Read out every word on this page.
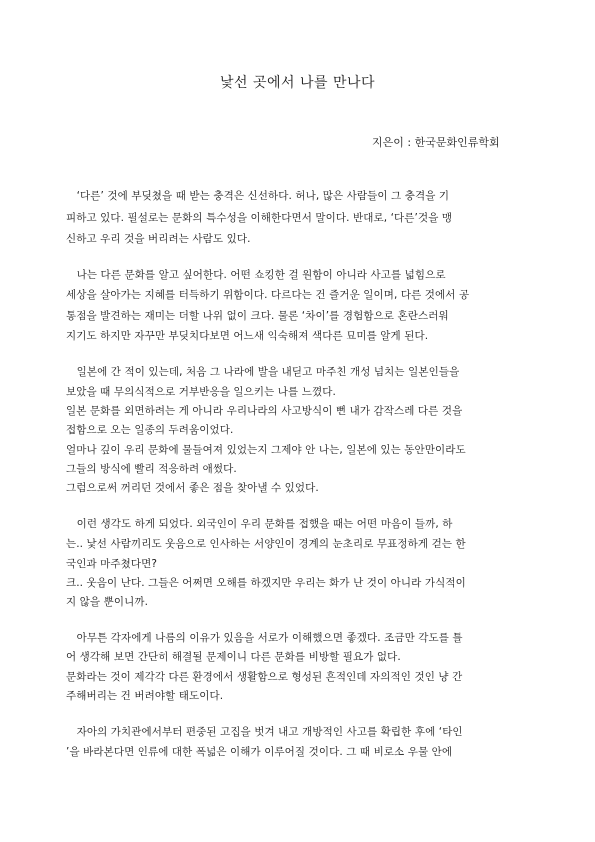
낯선 곳에서 나를 만나다
지은이 : 한국문화인류학회
　‘다른’ 것에 부딪쳤을 때 받는 충격은 신선하다. 허나, 많은 사람들이 그 충격을 기
피하고 있다. 필설로는 문화의 특수성을 이해한다면서 말이다. 반대로, ‘다른’것을 맹
신하고 우리 것을 버리려는 사람도 있다.
　나는 다른 문화를 알고 싶어한다. 어떤 쇼킹한 걸 원함이 아니라 사고를 넓힘으로
세상을 살아가는 지혜를 터득하기 위함이다. 다르다는 건 즐거운 일이며, 다른 것에서 공
통점을 발견하는 재미는 더할 나위 없이 크다. 물론 ‘차이’를 경험함으로 혼란스러워
지기도 하지만 자꾸만 부딪치다보면 어느새 익숙해져 색다른 묘미를 알게 된다.
　일본에 간 적이 있는데, 처음 그 나라에 발을 내딛고 마주친 개성 넘치는 일본인들을
보았을 때 무의식적으로 거부반응을 일으키는 나를 느꼈다.
일본 문화를 외면하려는 게 아니라 우리나라의 사고방식이 뻔 내가 감작스레 다른 것을
접함으로 오는 일종의 두려움이었다.
얼마나 깊이 우리 문화에 물들여져 있었는지 그제야 안 나는, 일본에 있는 동안만이라도
그들의 방식에 빨리 적응하려 애썼다.
그럼으로써 꺼리던 것에서 좋은 점을 찾아낼 수 있었다.
　이런 생각도 하게 되었다. 외국인이 우리 문화를 접했을 때는 어떤 마음이 들까, 하
는.. 낯선 사람끼리도 웃음으로 인사하는 서양인이 경계의 눈초리로 무표정하게 걷는 한
국인과 마주쳤다면?
크.. 웃음이 난다. 그들은 어쩌면 오해를 하겠지만 우리는 화가 난 것이 아니라 가식적이
지 않을 뿐이니까.
　아무튼 각자에게 나름의 이유가 있음을 서로가 이해했으면 좋겠다. 조금만 각도를 틀
어 생각해 보면 간단히 해결될 문제이니 다른 문화를 비방할 필요가 없다.
문화라는 것이 제각각 다른 환경에서 생활함으로 형성된 흔적인데 자의적인 것인 냥 간
주해버리는 건 버려야할 태도이다.
　자아의 가치관에서부터 편중된 고집을 벗겨 내고 개방적인 사고를 확립한 후에 ‘타인
’을 바라본다면 인류에 대한 폭넓은 이해가 이루어질 것이다. 그 때 비로소 우물 안에
